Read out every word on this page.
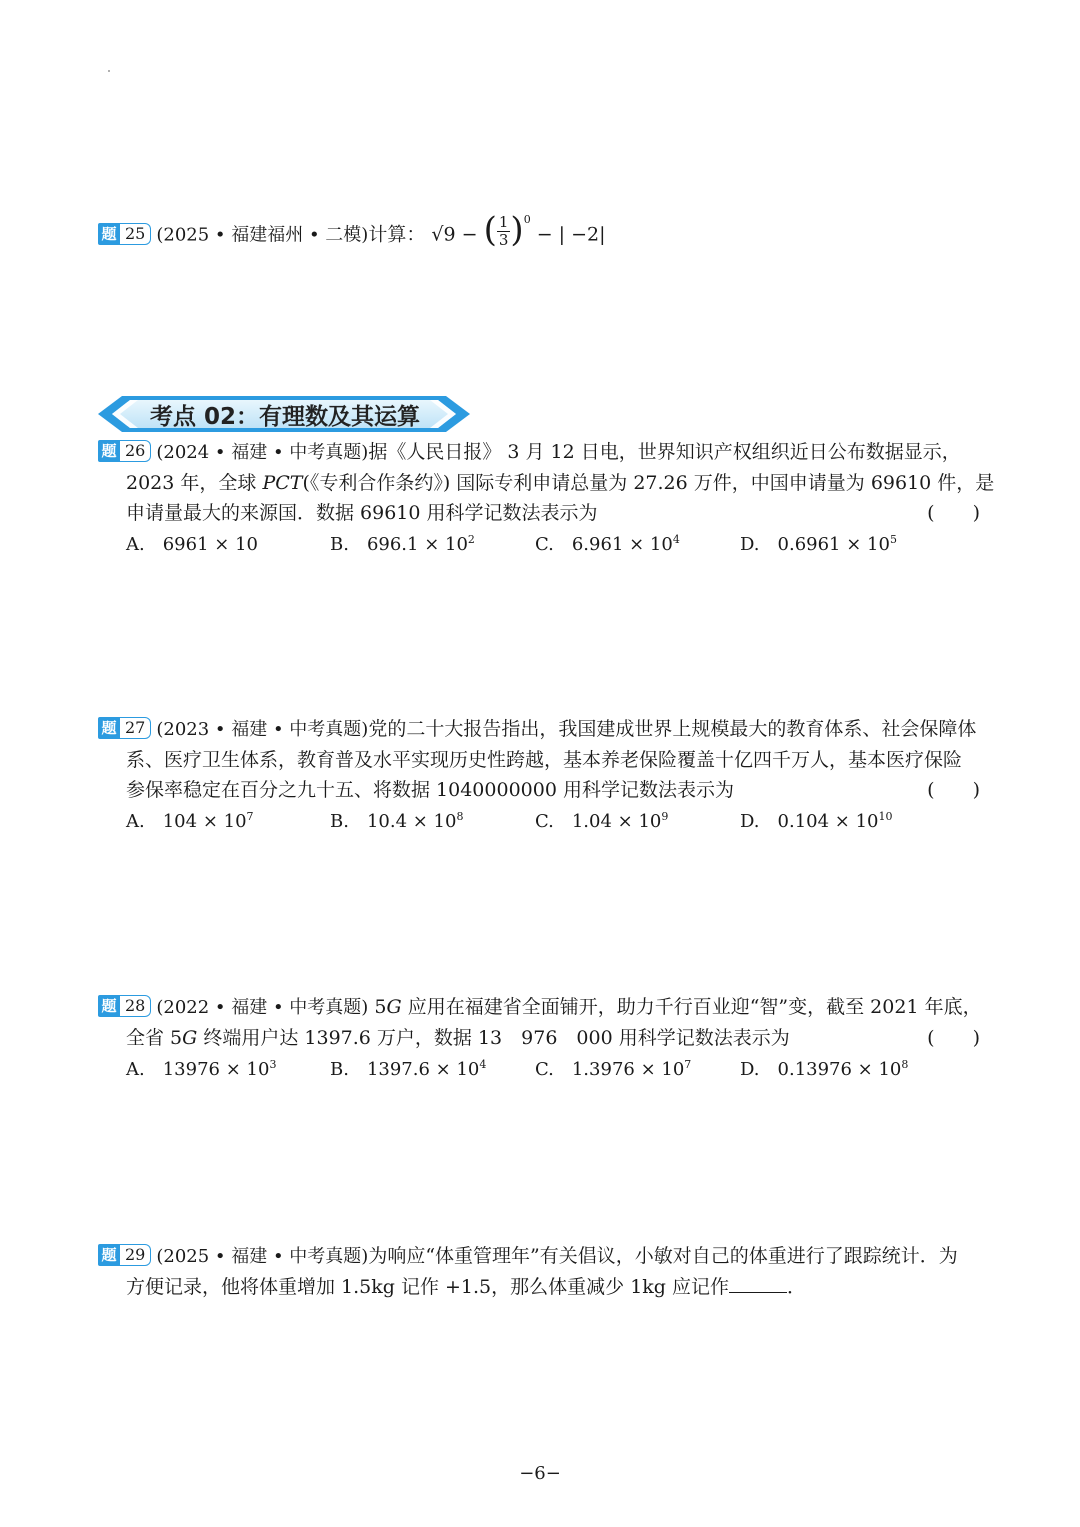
题 25 (2025 • 福建福州 • 二模)计算： √9 − ( $\frac{1}{3} )^0$ − | −2|
考点 02：有理数及其运算
题 26 (2024 • 福建 • 中考真题)据《人民日报》 3 月 12 日电，世界知识产权组织近日公布数据显示，
2023 年，全球 PCT(《专利合作条约》) 国际专利申请总量为 27.26 万件，中国申请量为 69610 件，是
申请量最大的来源国．数据 69610 用科学记数法表示为	(　　)
A.　 6961 × 10	B.　 $696.1 \times 10^2$	C.　 $6.961 \times 10^4$	D.　 $0.6961 \times 10^5$
题 27 (2023 • 福建 • 中考真题)党的二十大报告指出，我国建成世界上规模最大的教育体系、社会保障体
系、医疗卫生体系，教育普及水平实现历史性跨越，基本养老保险覆盖十亿四千万人，基本医疗保险
参保率稳定在百分之九十五、将数据 1040000000 用科学记数法表示为	(　　)
A.　 $104 \times 10^7$	B.　 $10.4 \times 10^8$	C.　 $1.04 \times 10^9$	D.　 $0.104 \times 10^{10}$
题 28 (2022 • 福建 • 中考真题) 5G 应用在福建省全面铺开，助力千行百业迎“智”变，截至 2021 年底，
全省 5G 终端用户达 1397.6 万户，数据 13　976　000 用科学记数法表示为	(　　)
A.　 $13976 \times 10^3$	B.　 $1397.6 \times 10^4$	C.　 $1.3976 \times 10^7$	D.　 $0.13976 \times 10^8$
题 29 (2025 • 福建 • 中考真题)为响应“体重管理年”有关倡议，小敏对自己的体重进行了跟踪统计．为
方便记录，他将体重增加 1.5kg 记作 +1.5，那么体重减少 1kg 应记作	．
−6−
